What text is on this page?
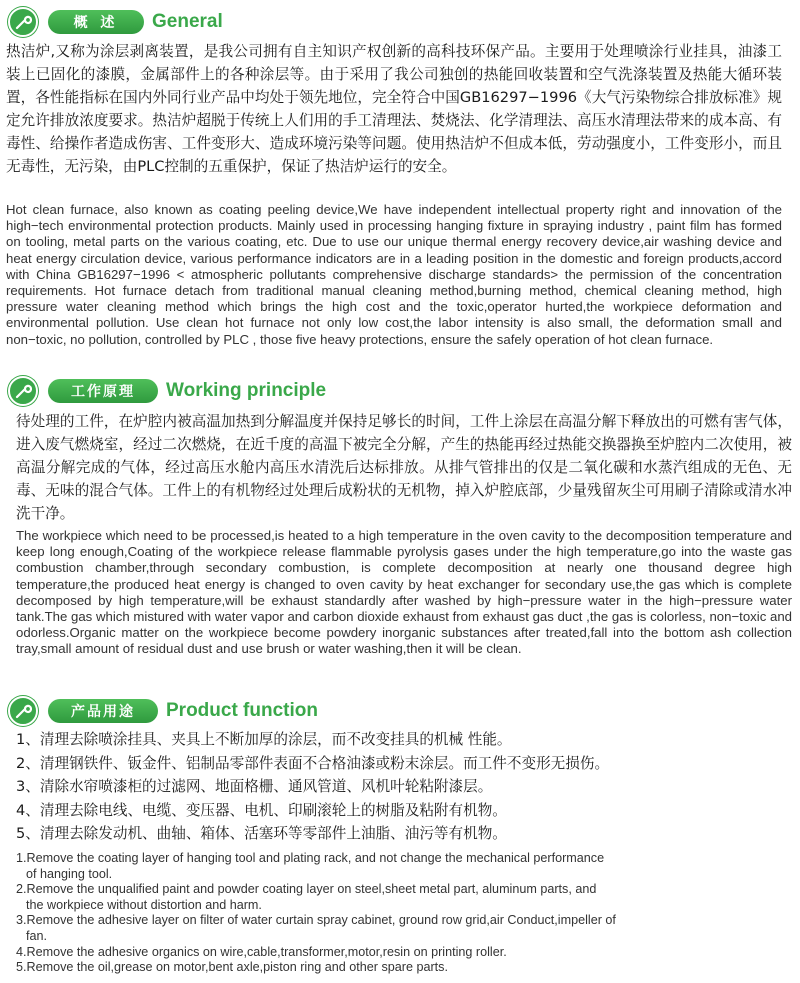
概 述	General
热洁炉,又称为涂层剥离装置，是我公司拥有自主知识产权创新的高科技环保产品。主要用于处理喷涂行业挂具，油漆工装上已固化的漆膜，金属部件上的各种涂层等。由于采用了我公司独创的热能回收装置和空气洗涤装置及热能大循环装置，各性能指标在国内外同行业产品中均处于领先地位，完全符合中国GB16297−1996《大气污染物综合排放标准》规定允许排放浓度要求。热洁炉超脱于传统上人们用的手工清理法、焚烧法、化学清理法、高压水清理法带来的成本高、有毒性、给操作者造成伤害、工件变形大、造成环境污染等问题。使用热洁炉不但成本低，劳动强度小，工件变形小，而且无毒性，无污染，由PLC控制的五重保护，保证了热洁炉运行的安全。
Hot clean furnace, also known as coating peeling device,We have independent intellectual property right and innovation of the high−tech environmental protection products. Mainly used in processing hanging fixture in spraying industry , paint film has formed on tooling, metal parts on the various coating, etc. Due to use our unique thermal energy recovery device,air washing device and heat energy circulation device, various performance indicators are in a leading position in the domestic and foreign products,accord with China GB16297−1996 < atmospheric pollutants comprehensive discharge standards> the permission of the concentration requirements. Hot furnace detach from traditional manual cleaning method,burning method, chemical cleaning method, high pressure water cleaning method which brings the high cost and the toxic,operator hurted,the workpiece deformation and environmental pollution. Use clean hot furnace not only low cost,the labor intensity is also small, the deformation small and non−toxic, no pollution, controlled by PLC , those five heavy protections, ensure the safely operation of hot clean furnace.
工作原理	Working principle
待处理的工件，在炉腔内被高温加热到分解温度并保持足够长的时间，工件上涂层在高温分解下释放出的可燃有害气体，进入废气燃烧室，经过二次燃烧，在近千度的高温下被完全分解，产生的热能再经过热能交换器换至炉腔内二次使用，被高温分解完成的气体，经过高压水舱内高压水清洗后达标排放。从排气管排出的仅是二氧化碳和水蒸汽组成的无色、无毒、无味的混合气体。工件上的有机物经过处理后成粉状的无机物，掉入炉腔底部，少量残留灰尘可用刷子清除或清水冲洗干净。
The workpiece which need to be processed,is heated to a high temperature in the oven cavity to the decomposition temperature and keep long enough,Coating of the workpiece release flammable pyrolysis gases under the high temperature,go into the waste gas combustion chamber,through secondary combustion, is complete decomposition at nearly one thousand degree high temperature,the produced heat energy is changed to oven cavity by heat exchanger for secondary use,the gas which is complete decomposed by high temperature,will be exhaust standardly after washed by high−pressure water in the high−pressure water tank.The gas which mistured with water vapor and carbon dioxide exhaust from exhaust gas duct ,the gas is colorless, non−toxic and odorless.Organic matter on the workpiece become powdery inorganic substances after treated,fall into the bottom ash collection tray,small amount of residual dust and use brush or water washing,then it will be clean.
产品用途	Product function
1、清理去除喷涂挂具、夹具上不断加厚的涂层，而不改变挂具的机械 性能。
2、清理钢铁件、钣金件、铝制品零部件表面不合格油漆或粉末涂层。而工件不变形无损伤。
3、清除水帘喷漆柜的过滤网、地面格栅、通风管道、风机叶轮粘附漆层。
4、清理去除电线、电缆、变压器、电机、印刷滚轮上的树脂及粘附有机物。
5、清理去除发动机、曲轴、箱体、活塞环等零部件上油脂、油污等有机物。
1.Remove the coating layer of hanging tool and plating rack, and not change the mechanical performance of hanging tool.
2.Remove the unqualified paint and powder coating layer on steel,sheet metal part, aluminum parts, and the workpiece without distortion and harm.
3.Remove the adhesive layer on filter of water curtain spray cabinet, ground row grid,air Conduct,impeller of fan.
4.Remove the adhesive organics on wire,cable,transformer,motor,resin on printing roller.
5.Remove the oil,grease on motor,bent axle,piston ring and other spare parts.
